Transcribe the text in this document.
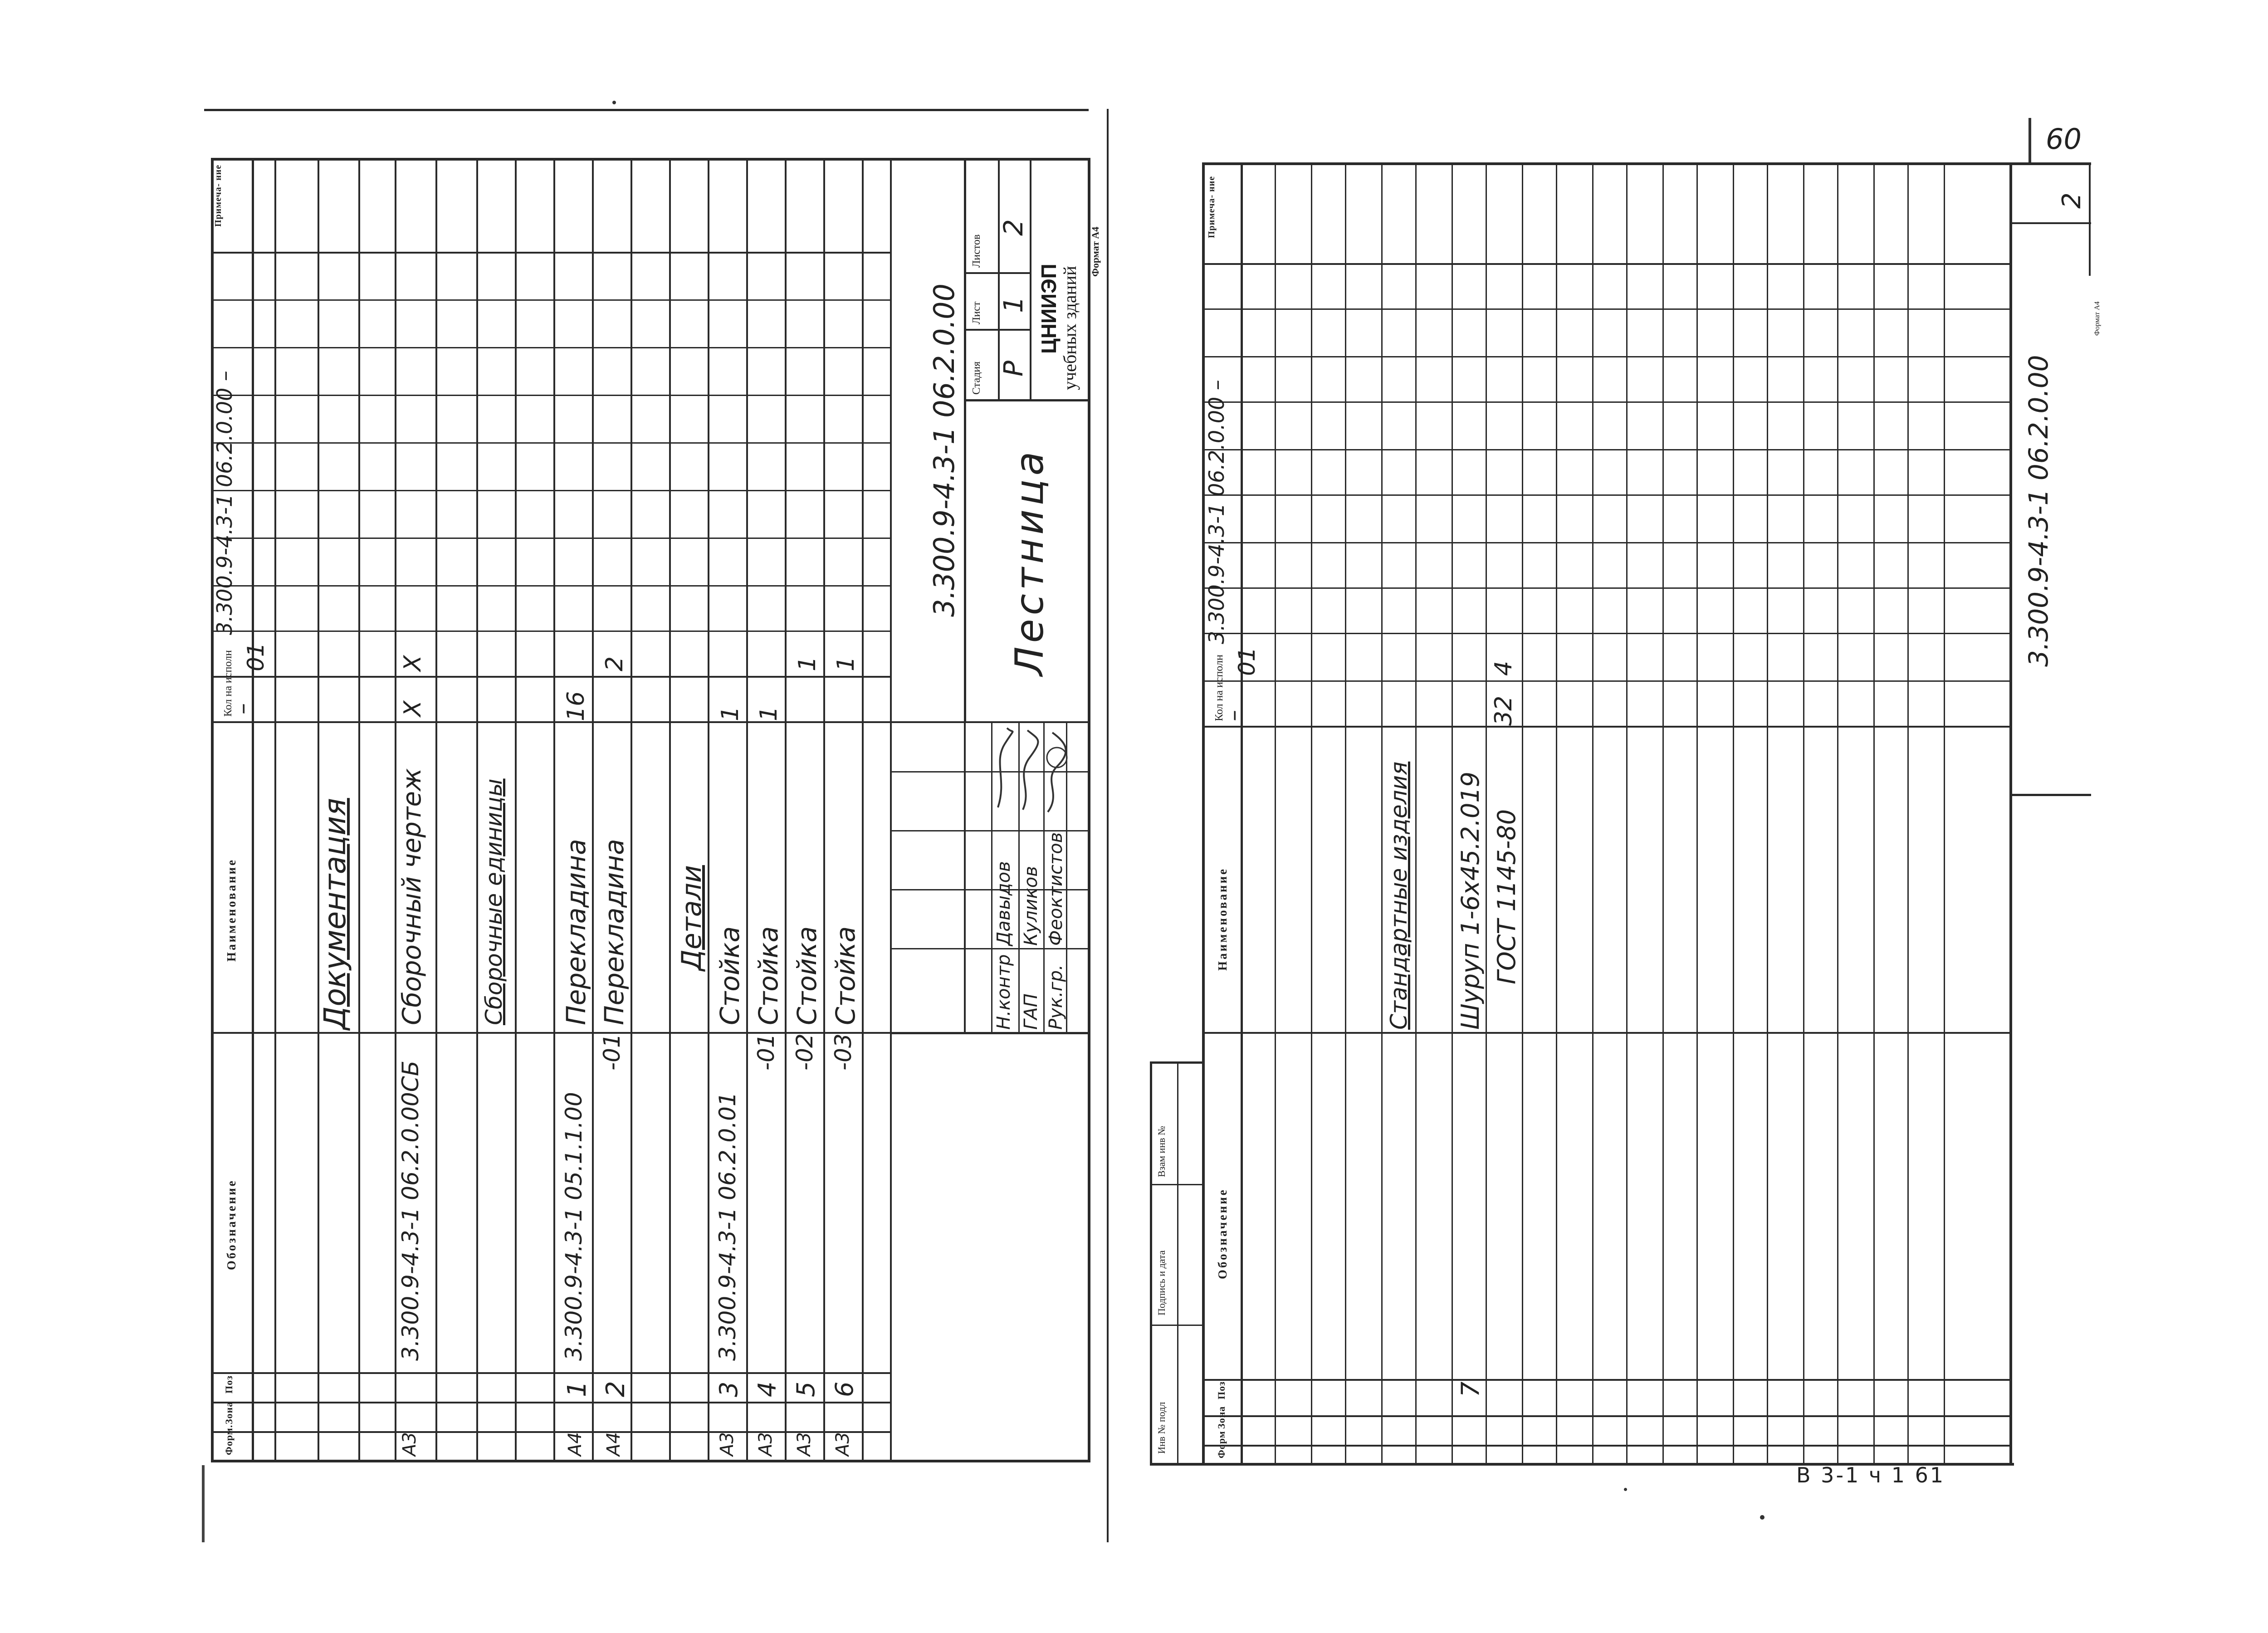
60
Форм.
Зона
Поз
Обозначение
Наименование
Кол на исполн
Примеча- ние
3.300.9-4.3-1 06.2.0.00 –
–
01
Документация
А3
3.300.9-4.3-1 06.2.0.00СБ
Сборочный чертеж
Х
Х
Сборочные единицы
А4
1
3.300.9-4.3-1 05.1.1.00
Перекладина
16
А4
2
-01
Перекладина
2
Детали
А3
3
3.300.9-4.3-1 06.2.0.01
Стойка
1
А3
4
-01
Стойка
1
А3
5
-02
Стойка
1
А3
6
-03
Стойка
1
3.300.9-4.3-1 06.2.0.00 Лестница
Стадия
Лист
Листов
Р
1
2
ЦНИИЭП
учебных зданий
Формат А4
Н.контр
Давыдов
ГАП
Куликов
Рук.гр.
Феоктистов
Инв № подл
Подпись и дата
Взам инв №
Форм
Зона
Поз
Обозначение
Наименование
Кол на исполн
Примеча- ние
3.300.9-4.3-1 06.2.0.00 –
–
01
Стандартные изделия
7
Шуруп 1-6х45.2.019
32
4
ГОСТ 1145-80
3.300.9-4.3-1 06.2.0.00
2
Формат А4
В 3-1 ч 1 61
